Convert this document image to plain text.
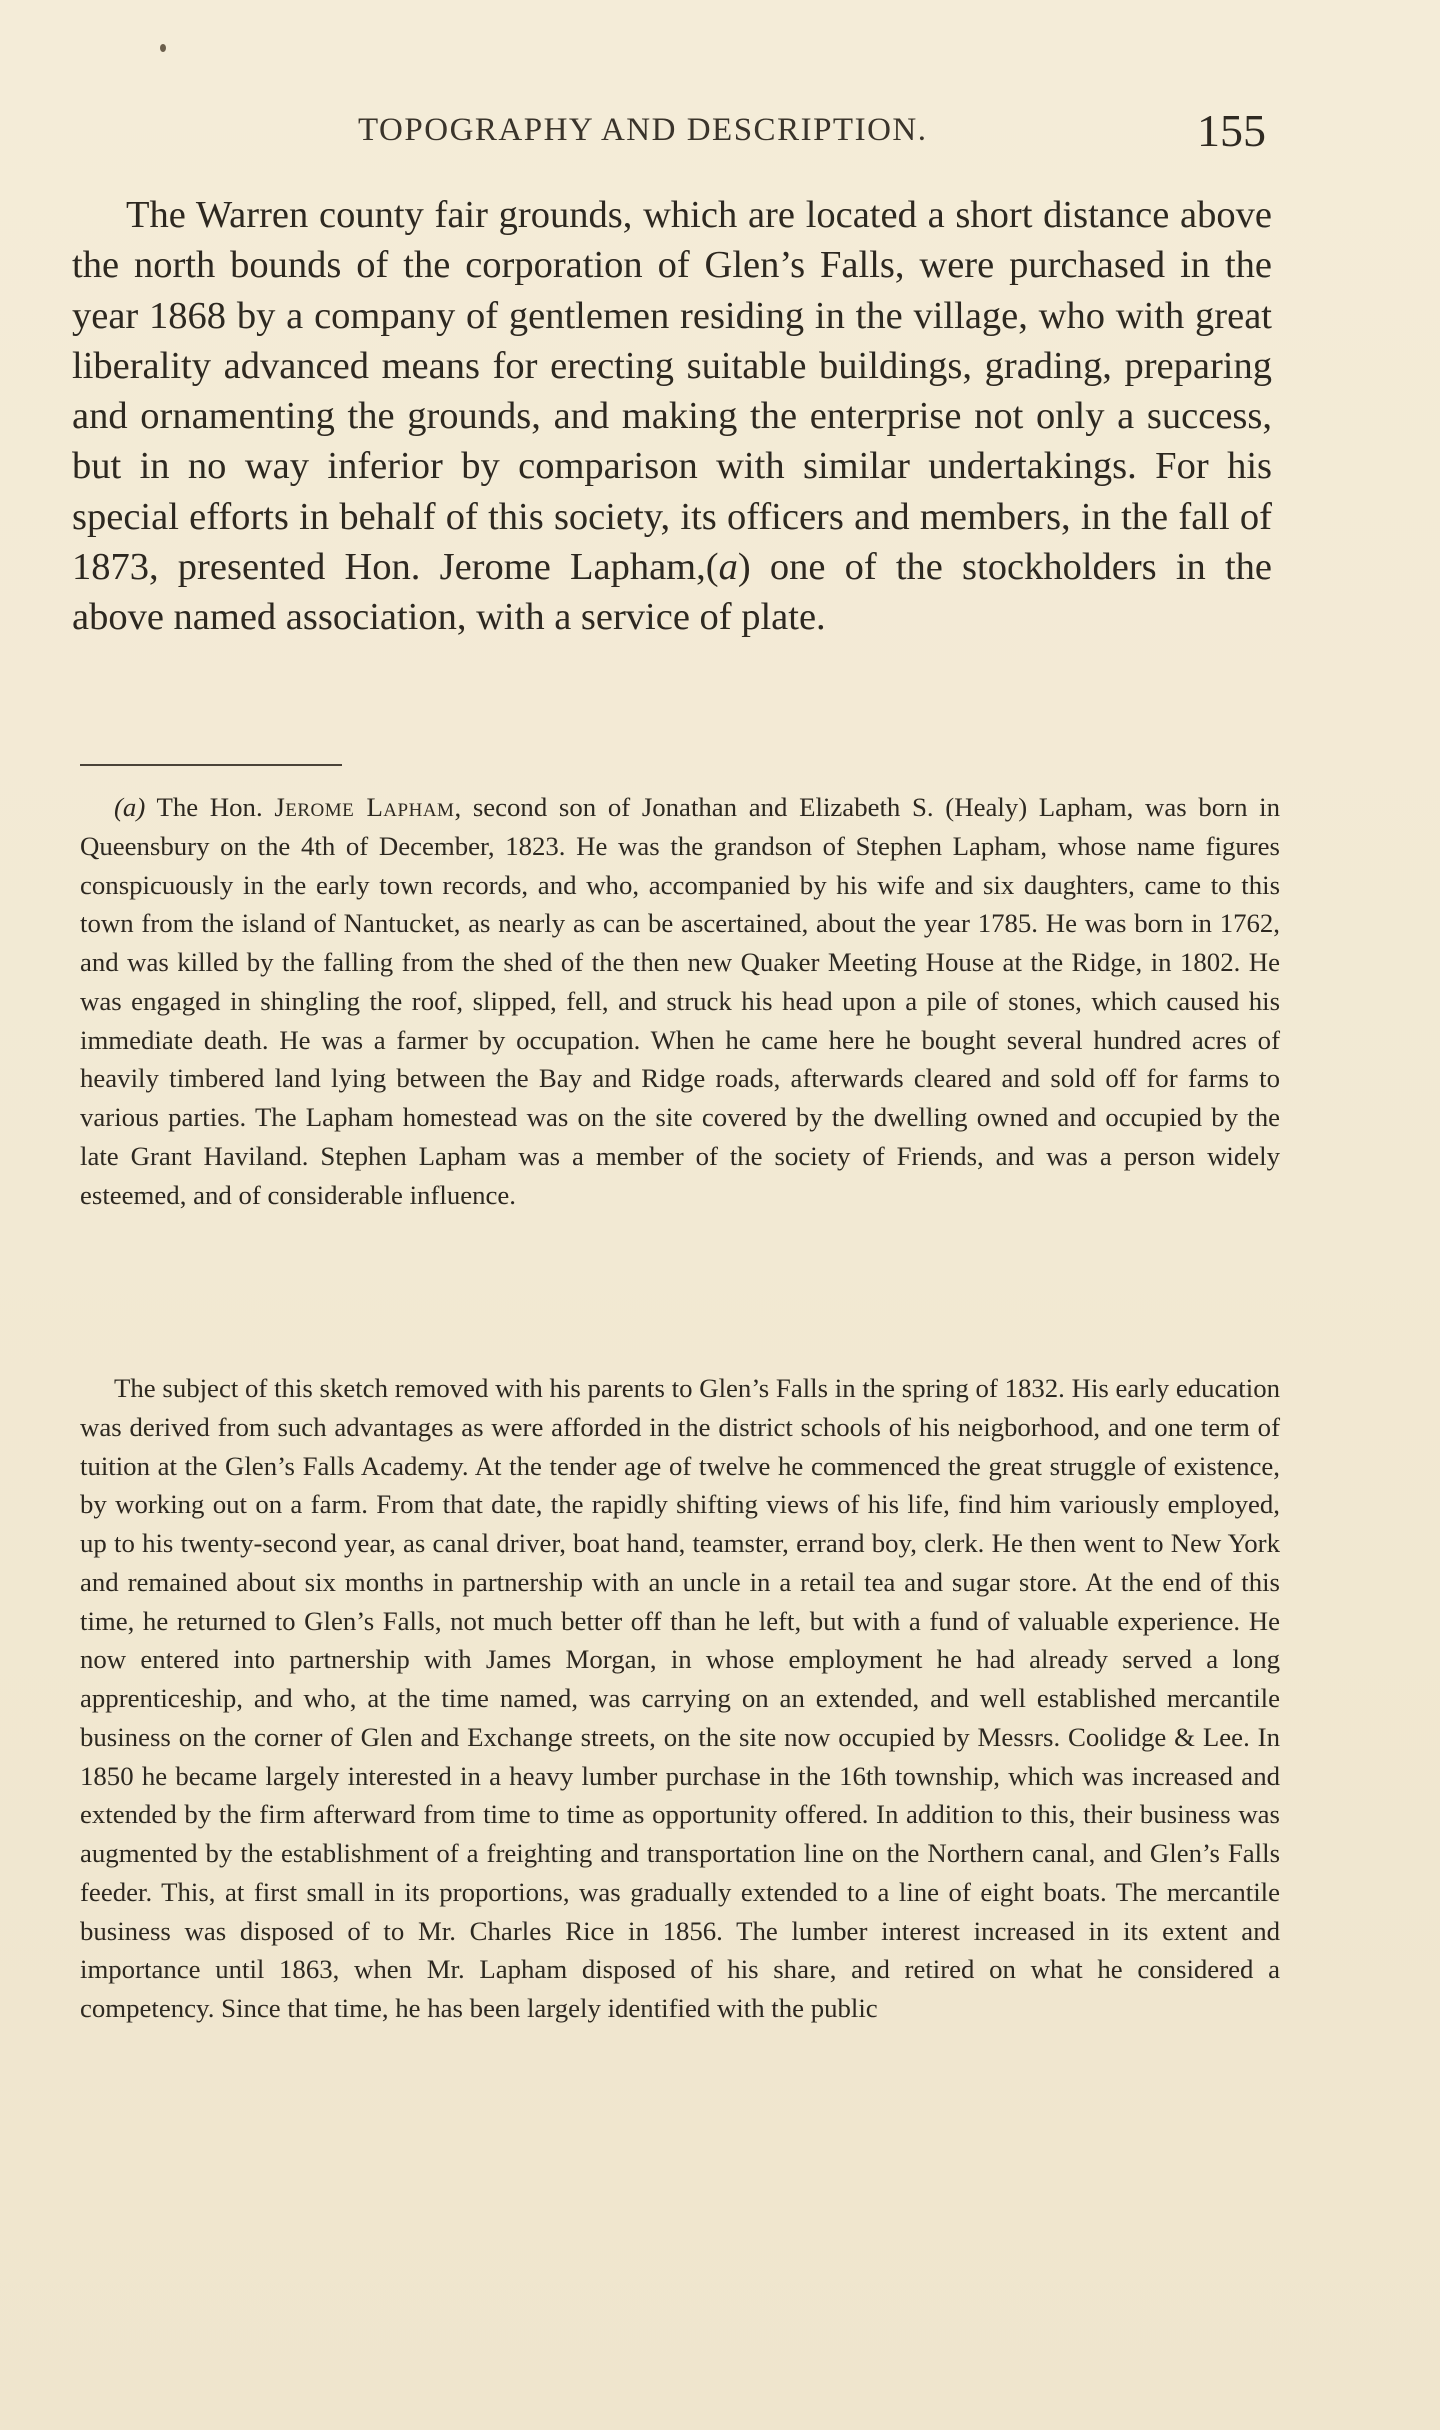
TOPOGRAPHY AND DESCRIPTION.	155

The Warren county fair grounds, which are located a short distance above the north bounds of the corporation of Glen’s Falls, were purchased in the year 1868 by a company of gentlemen residing in the village, who with great liberality advanced means for erecting suitable buildings, grading, preparing and ornamenting the grounds, and making the enterprise not only a success, but in no way inferior by comparison with similar undertakings. For his special efforts in behalf of this society, its officers and members, in the fall of 1873, presented Hon. Jerome Lapham,(a) one of the stockholders in the above named association, with a service of plate.

(a) The Hon. Jerome Lapham, second son of Jonathan and Elizabeth S. (Healy) Lapham, was born in Queensbury on the 4th of December, 1823. He was the grandson of Stephen Lapham, whose name figures conspicuously in the early town records, and who, accompanied by his wife and six daughters, came to this town from the island of Nantucket, as nearly as can be ascertained, about the year 1785. He was born in 1762, and was killed by the falling from the shed of the then new Quaker Meeting House at the Ridge, in 1802. He was engaged in shingling the roof, slipped, fell, and struck his head upon a pile of stones, which caused his immediate death. He was a farmer by occupation. When he came here he bought several hundred acres of heavily timbered land lying between the Bay and Ridge roads, afterwards cleared and sold off for farms to various parties. The Lapham homestead was on the site covered by the dwelling owned and occupied by the late Grant Haviland. Stephen Lapham was a member of the society of Friends, and was a person widely esteemed, and of considerable influence.

The subject of this sketch removed with his parents to Glen’s Falls in the spring of 1832. His early education was derived from such advantages as were afforded in the district schools of his neigborhood, and one term of tuition at the Glen’s Falls Academy. At the tender age of twelve he commenced the great struggle of existence, by working out on a farm. From that date, the rapidly shifting views of his life, find him variously employed, up to his twenty-second year, as canal driver, boat hand, teamster, errand boy, clerk. He then went to New York and remained about six months in partnership with an uncle in a retail tea and sugar store. At the end of this time, he returned to Glen’s Falls, not much better off than he left, but with a fund of valuable experience. He now entered into partnership with James Morgan, in whose employment he had already served a long apprenticeship, and who, at the time named, was carrying on an extended, and well established mercantile business on the corner of Glen and Exchange streets, on the site now occupied by Messrs. Coolidge & Lee. In 1850 he became largely interested in a heavy lumber purchase in the 16th township, which was increased and extended by the firm afterward from time to time as opportunity offered. In addition to this, their business was augmented by the establishment of a freighting and transportation line on the Northern canal, and Glen’s Falls feeder. This, at first small in its proportions, was gradually extended to a line of eight boats. The mercantile business was disposed of to Mr. Charles Rice in 1856. The lumber interest increased in its extent and importance until 1863, when Mr. Lapham disposed of his share, and retired on what he considered a competency. Since that time, he has been largely identified with the public
